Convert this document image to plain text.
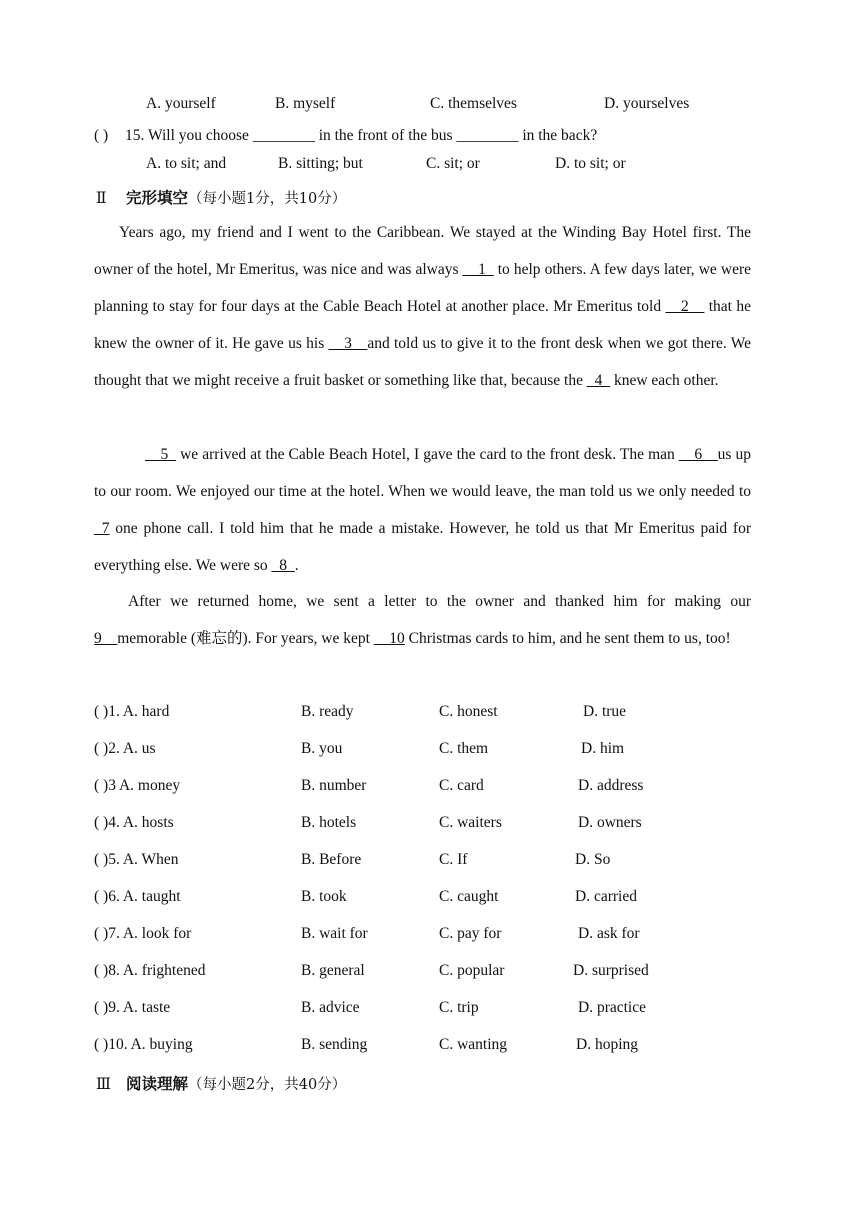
A. yourself	B. myself	C. themselves	D. yourselves
( ) 15. Will you choose ________ in the front of the bus ________ in the back?
A. to sit; and	B. sitting; but	C. sit; or	D. to sit; or
Ⅱ 完形填空（每小题1分，共10分）
Years ago, my friend and I went to the Caribbean. We stayed at the Winding Bay Hotel first. The owner of the hotel, Mr Emeritus, was nice and was always __1_ to help others. A few days later, we were planning to stay for four days at the Cable Beach Hotel at another place. Mr Emeritus told __2__ that he knew the owner of it. He gave us his __3__and told us to give it to the front desk when we got there. We thought that we might receive a fruit basket or something like that, because the _4_ knew each other.
__5_ we arrived at the Cable Beach Hotel, I gave the card to the front desk. The man __6__us up to our room. We enjoyed our time at the hotel. When we would leave, the man told us we only needed to _7 one phone call. I told him that he made a mistake. However, he told us that Mr Emeritus paid for everything else. We were so _8_.
After we returned home, we sent a letter to the owner and thanked him for making our 9__memorable (难忘的). For years, we kept __10 Christmas cards to him, and he sent them to us, too!
( )1. A. hard	B. ready	C. honest	D. true
( )2. A. us	B. you	C. them	D. him
( )3 A. money	B. number	C. card	D. address
( )4. A. hosts	B. hotels	C. waiters	D. owners
( )5. A. When	B. Before	C. If	D. So
( )6. A. taught	B. took	C. caught	D. carried
( )7. A. look for	B. wait for	C. pay for	D. ask for
( )8. A. frightened	B. general	C. popular	D. surprised
( )9. A. taste	B. advice	C. trip	D. practice
( )10. A. buying	B. sending	C. wanting	D. hoping
Ⅲ 阅读理解（每小题2分，共40分）
